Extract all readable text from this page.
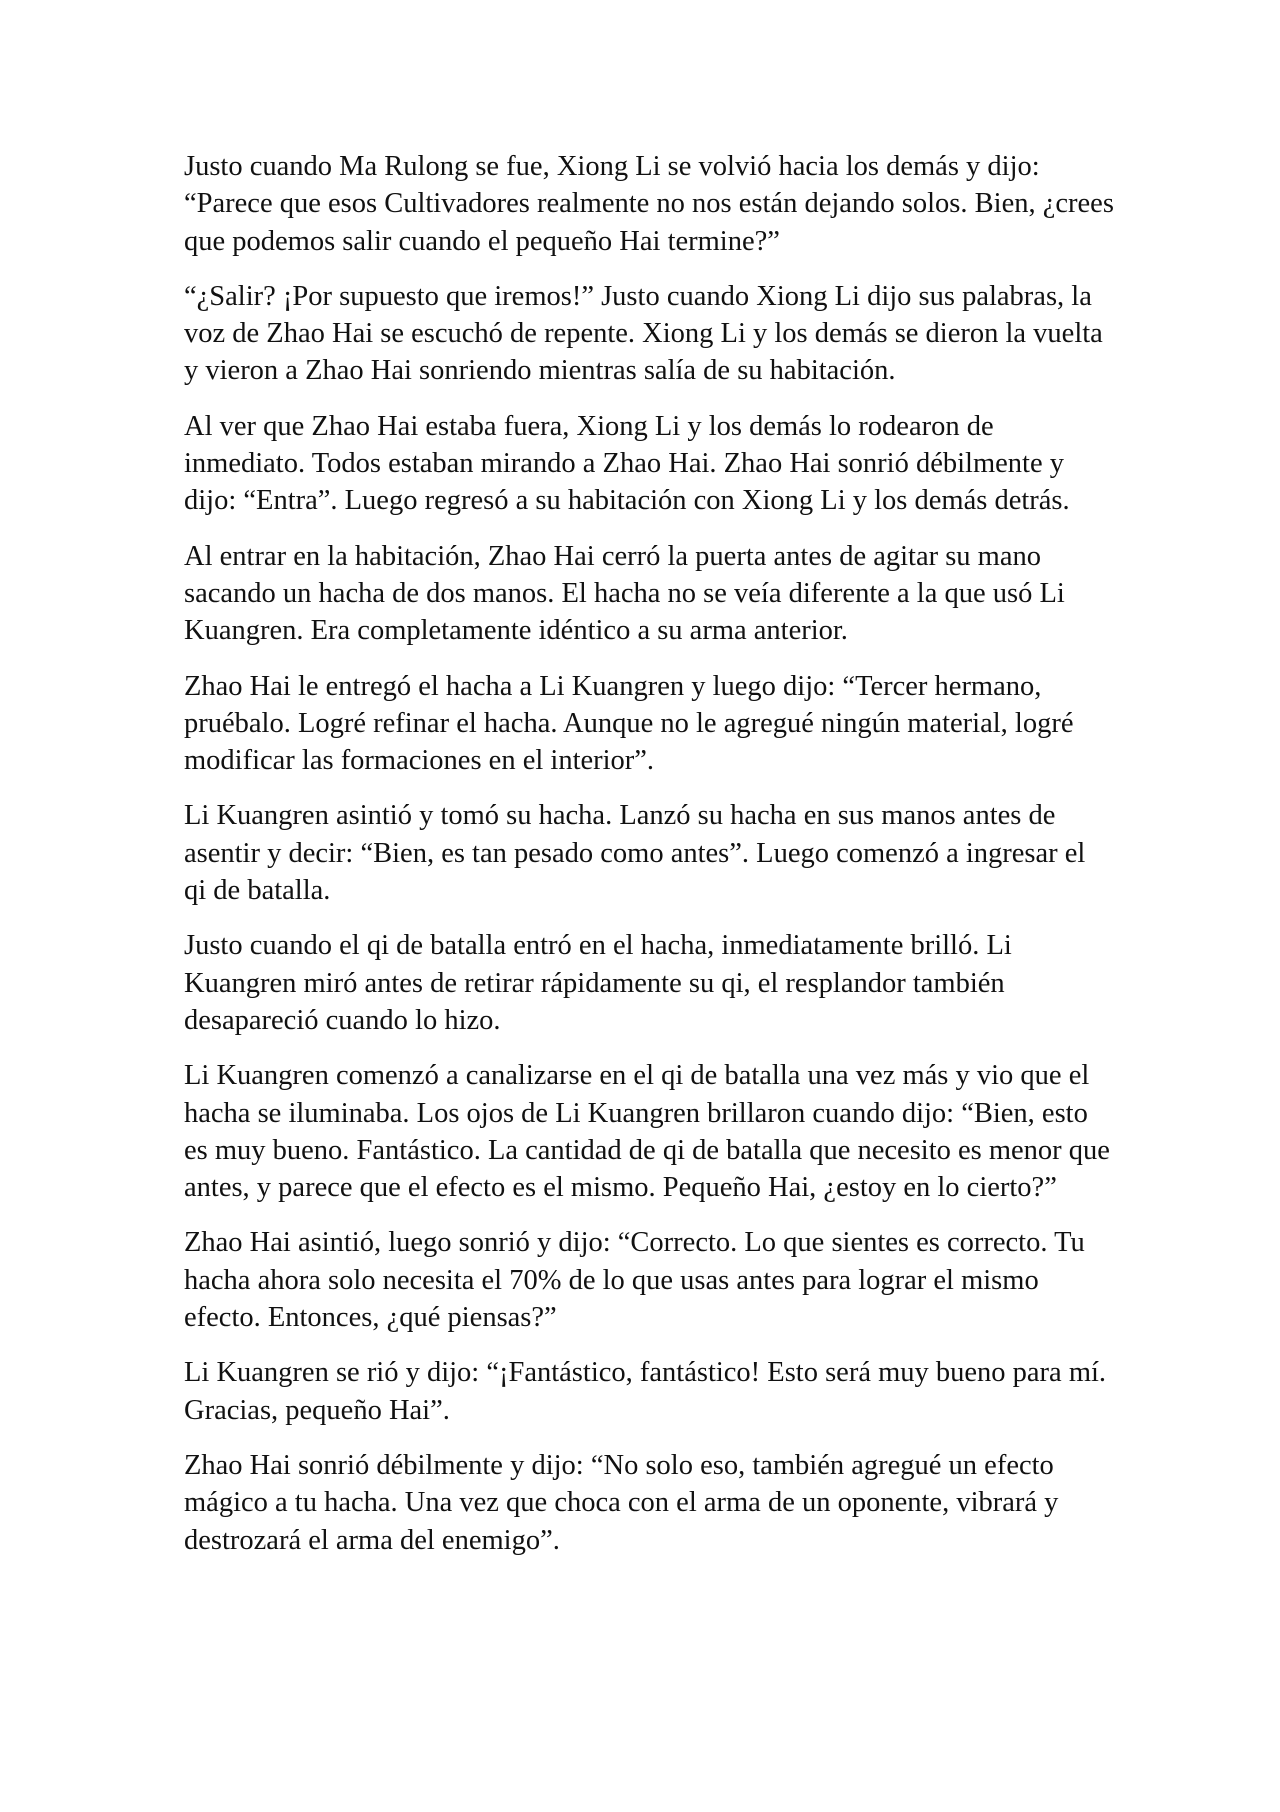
Justo cuando Ma Rulong se fue, Xiong Li se volvió hacia los demás y dijo: “Parece que esos Cultivadores realmente no nos están dejando solos. Bien, ¿crees que podemos salir cuando el pequeño Hai termine?”

“¿Salir? ¡Por supuesto que iremos!” Justo cuando Xiong Li dijo sus palabras, la voz de Zhao Hai se escuchó de repente. Xiong Li y los demás se dieron la vuelta y vieron a Zhao Hai sonriendo mientras salía de su habitación.

Al ver que Zhao Hai estaba fuera, Xiong Li y los demás lo rodearon de inmediato. Todos estaban mirando a Zhao Hai. Zhao Hai sonrió débilmente y dijo: “Entra”. Luego regresó a su habitación con Xiong Li y los demás detrás.

Al entrar en la habitación, Zhao Hai cerró la puerta antes de agitar su mano sacando un hacha de dos manos. El hacha no se veía diferente a la que usó Li Kuangren. Era completamente idéntico a su arma anterior.

Zhao Hai le entregó el hacha a Li Kuangren y luego dijo: “Tercer hermano, pruébalo. Logré refinar el hacha. Aunque no le agregué ningún material, logré modificar las formaciones en el interior”.

Li Kuangren asintió y tomó su hacha. Lanzó su hacha en sus manos antes de asentir y decir: “Bien, es tan pesado como antes”. Luego comenzó a ingresar el qi de batalla.

Justo cuando el qi de batalla entró en el hacha, inmediatamente brilló. Li Kuangren miró antes de retirar rápidamente su qi, el resplandor también desapareció cuando lo hizo.

Li Kuangren comenzó a canalizarse en el qi de batalla una vez más y vio que el hacha se iluminaba. Los ojos de Li Kuangren brillaron cuando dijo: “Bien, esto es muy bueno. Fantástico. La cantidad de qi de batalla que necesito es menor que antes, y parece que el efecto es el mismo. Pequeño Hai, ¿estoy en lo cierto?”

Zhao Hai asintió, luego sonrió y dijo: “Correcto. Lo que sientes es correcto. Tu hacha ahora solo necesita el 70% de lo que usas antes para lograr el mismo efecto. Entonces, ¿qué piensas?”

Li Kuangren se rió y dijo: “¡Fantástico, fantástico! Esto será muy bueno para mí. Gracias, pequeño Hai”.

Zhao Hai sonrió débilmente y dijo: “No solo eso, también agregué un efecto mágico a tu hacha. Una vez que choca con el arma de un oponente, vibrará y destrozará el arma del enemigo”.
